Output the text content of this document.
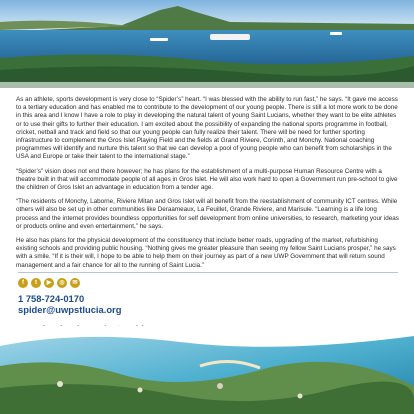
As an athlete, sports development is very close to “Spider’s” heart. “I was blessed with the ability to run fast,” he says. “It gave me access to a tertiary education and has enabled me to contribute to the development of our young people. There is still a lot more work to be done in this area and I know I have a role to play in developing the natural talent of young Saint Lucians, whether they want to be elite athletes or to use their gifts to further their education. I am excited about the possibility of expanding the national sports programme in football, cricket, netball and track and field so that our young people can fully realize their talent. There will be need for further sporting infrastructure to complement the Gros Islet Playing Field and the fields at Grand Riviere, Corinth, and Monchy. National coaching programmes will identify and nurture this talent so that we can develop a pool of young people who can benefit from scholarships in the USA and Europe or take their talent to the international stage.”

“Spider’s” vision does not end there however; he has plans for the establishment of a multi-purpose Human Resource Centre with a theatre built in that will accommodate people of all ages in Gros Islet. He will also work hard to open a Government run pre-school to give the children of Gros Islet an advantage in education from a tender age.

“The residents of Monchy, Laborne, Riviere Mitan and Gros Islet will all benefit from the reestablishment of community ICT centres. While others will also be set up in other communities like Deraameaux, La Feuillet, Grande Riviere, and Marisule. “Learning is a life long process and the internet provides boundless opportunities for self development from online universities, to research, marketing your ideas or products online and even entertainment,” he says.

He also has plans for the physical development of the constituency that include better roads, upgrading of the market, refurbishing existing schools and providing public housing. “Nothing gives me greater pleasure than seeing my fellow Saint Lucians prosper,” he says with a smile. “If it is their will, I hope to be able to help them on their journey as part of a new UWP Government that will return sound management and a fair chance for all to the running of Saint Lucia.”

f	t	▶	◎	✉
1 758-724-0170
spider@uwpstlucia.org
